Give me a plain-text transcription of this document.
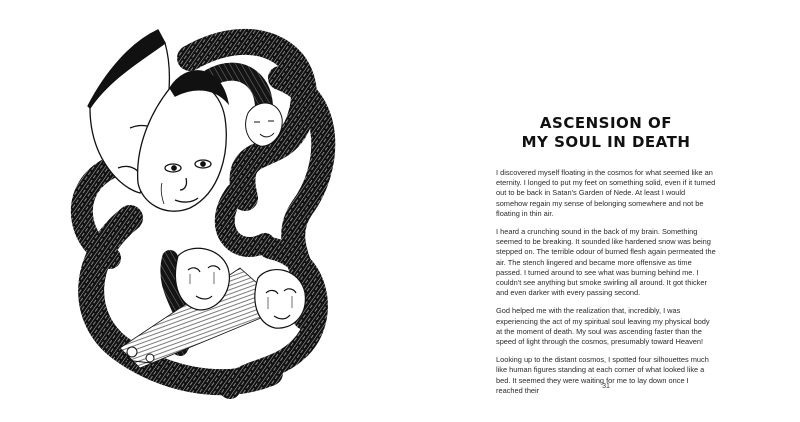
ASCENSION OF
MY SOUL IN DEATH

I discovered myself floating in the cosmos for what seemed like an eternity. I longed to put my feet on something solid, even if it turned out to be back in Satan's Garden of Nede. At least I would somehow regain my sense of belonging somewhere and not be floating in thin air.

I heard a crunching sound in the back of my brain. Something seemed to be breaking. It sounded like hardened snow was being stepped on. The terrible odour of burned flesh again permeated the air. The stench lingered and became more offensive as time passed. I turned around to see what was burning behind me. I couldn't see anything but smoke swirling all around. It got thicker and even darker with every passing second.

God helped me with the realization that, incredibly, I was experiencing the act of my spiritual soul leaving my physical body at the moment of death. My soul was ascending faster than the speed of light through the cosmos, presumably toward Heaven!

Looking up to the distant cosmos, I spotted four silhouettes much like human figures standing at each corner of what looked like a bed. It seemed they were waiting for me to lay down once I reached their	31
